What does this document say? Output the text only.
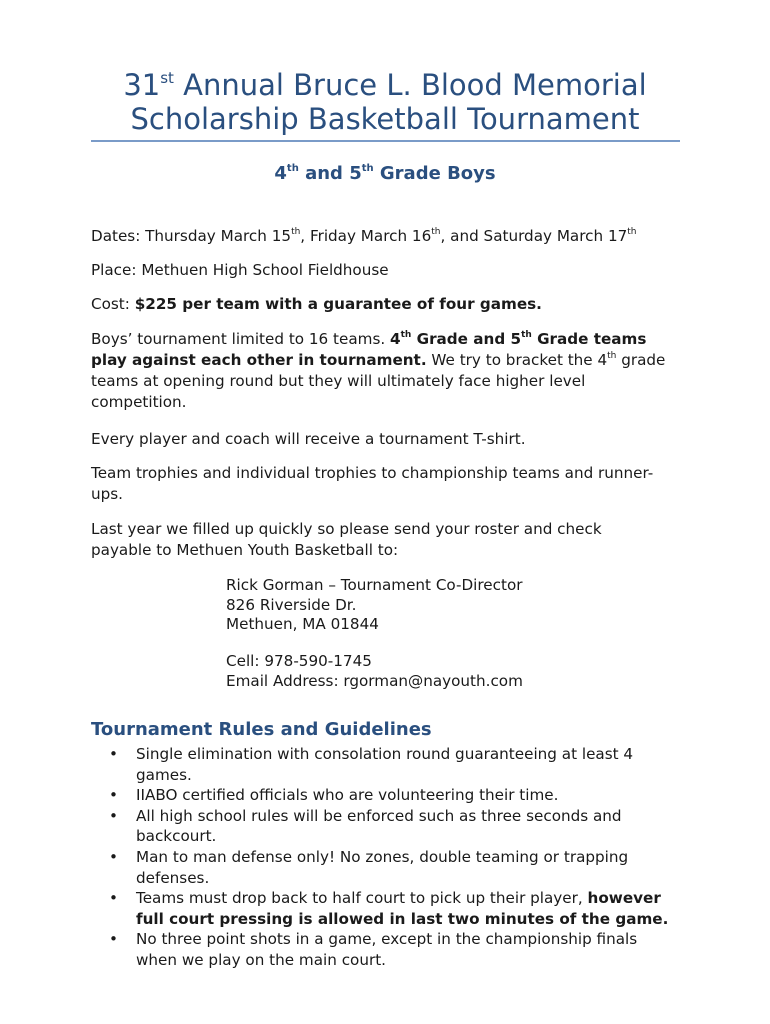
31st Annual Bruce L. Blood Memorial
Scholarship Basketball Tournament
4th and 5th Grade Boys

Dates: Thursday March 15th, Friday March 16th, and Saturday March 17th

Place: Methuen High School Fieldhouse

Cost: $225 per team with a guarantee of four games.

Boys’ tournament limited to 16 teams. 4th Grade and 5th Grade teams play against each other in tournament. We try to bracket the 4th grade teams at opening round but they will ultimately face higher level competition.

Every player and coach will receive a tournament T-shirt.

Team trophies and individual trophies to championship teams and runner-ups.

Last year we filled up quickly so please send your roster and check payable to Methuen Youth Basketball to:

Rick Gorman – Tournament Co-Director
826 Riverside Dr.
Methuen, MA 01844
Cell: 978-590-1745
Email Address: rgorman@nayouth.com
Tournament Rules and Guidelines
• Single elimination with consolation round guaranteeing at least 4 games.
• IIABO certified officials who are volunteering their time.
• All high school rules will be enforced such as three seconds and backcourt.
• Man to man defense only! No zones, double teaming or trapping defenses.
• Teams must drop back to half court to pick up their player, however full court pressing is allowed in last two minutes of the game.
• No three point shots in a game, except in the championship finals when we play on the main court.
